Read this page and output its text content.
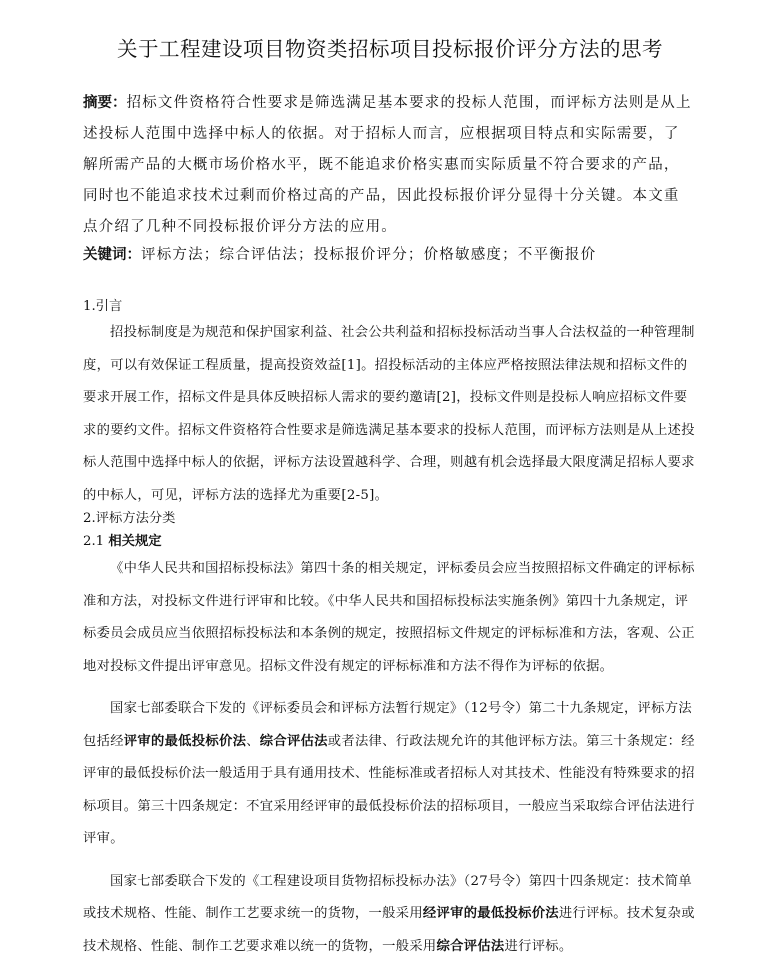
关于工程建设项目物资类招标项目投标报价评分方法的思考
摘要：招标文件资格符合性要求是筛选满足基本要求的投标人范围，而评标方法则是从上述投标人范围中选择中标人的依据。对于招标人而言，应根据项目特点和实际需要，了解所需产品的大概市场价格水平，既不能追求价格实惠而实际质量不符合要求的产品，同时也不能追求技术过剩而价格过高的产品，因此投标报价评分显得十分关键。本文重点介绍了几种不同投标报价评分方法的应用。
关键词：评标方法；综合评估法；投标报价评分；价格敏感度；不平衡报价
1.引言

招投标制度是为规范和保护国家利益、社会公共利益和招标投标活动当事人合法权益的一种管理制度，可以有效保证工程质量，提高投资效益[1]。招投标活动的主体应严格按照法律法规和招标文件的要求开展工作，招标文件是具体反映招标人需求的要约邀请[2]，投标文件则是投标人响应招标文件要求的要约文件。招标文件资格符合性要求是筛选满足基本要求的投标人范围，而评标方法则是从上述投标人范围中选择中标人的依据，评标方法设置越科学、合理，则越有机会选择最大限度满足招标人要求的中标人，可见，评标方法的选择尤为重要[2-5]。

2.评标方法分类
2.1 相关规定

《中华人民共和国招标投标法》第四十条的相关规定，评标委员会应当按照招标文件确定的评标标准和方法，对投标文件进行评审和比较。《中华人民共和国招标投标法实施条例》第四十九条规定，评标委员会成员应当依照招标投标法和本条例的规定，按照招标文件规定的评标标准和方法，客观、公正地对投标文件提出评审意见。招标文件没有规定的评标标准和方法不得作为评标的依据。

国家七部委联合下发的《评标委员会和评标方法暂行规定》（12号令）第二十九条规定，评标方法包括经评审的最低投标价法、综合评估法或者法律、行政法规允许的其他评标方法。第三十条规定：经评审的最低投标价法一般适用于具有通用技术、性能标准或者招标人对其技术、性能没有特殊要求的招标项目。第三十四条规定：不宜采用经评审的最低投标价法的招标项目，一般应当采取综合评估法进行评审。

国家七部委联合下发的《工程建设项目货物招标投标办法》（27号令）第四十四条规定：技术简单或技术规格、性能、制作工艺要求统一的货物，一般采用经评审的最低投标价法进行评标。技术复杂或技术规格、性能、制作工艺要求难以统一的货物，一般采用综合评估法进行评标。
